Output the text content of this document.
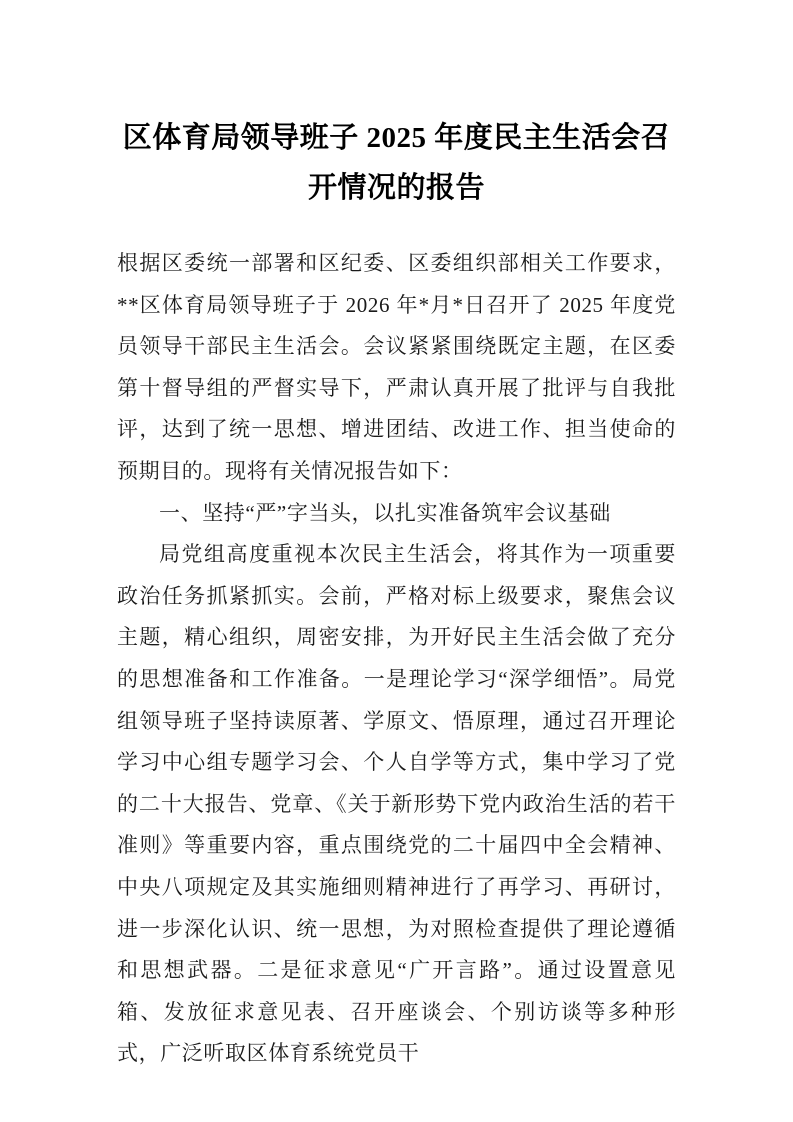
区体育局领导班子 2025 年度民主生活会召开情况的报告

根据区委统一部署和区纪委、区委组织部相关工作要求，**区体育局领导班子于 2026 年*月*日召开了 2025 年度党员领导干部民主生活会。会议紧紧围绕既定主题，在区委第十督导组的严督实导下，严肃认真开展了批评与自我批评，达到了统一思想、增进团结、改进工作、担当使命的预期目的。现将有关情况报告如下：

一、坚持“严”字当头，以扎实准备筑牢会议基础

局党组高度重视本次民主生活会，将其作为一项重要政治任务抓紧抓实。会前，严格对标上级要求，聚焦会议主题，精心组织，周密安排，为开好民主生活会做了充分的思想准备和工作准备。一是理论学习“深学细悟”。局党组领导班子坚持读原著、学原文、悟原理，通过召开理论学习中心组专题学习会、个人自学等方式，集中学习了党的二十大报告、党章、《关于新形势下党内政治生活的若干准则》等重要内容，重点围绕党的二十届四中全会精神、中央八项规定及其实施细则精神进行了再学习、再研讨，进一步深化认识、统一思想，为对照检查提供了理论遵循和思想武器。二是征求意见“广开言路”。通过设置意见箱、发放征求意见表、召开座谈会、个别访谈等多种形式，广泛听取区体育系统党员干
